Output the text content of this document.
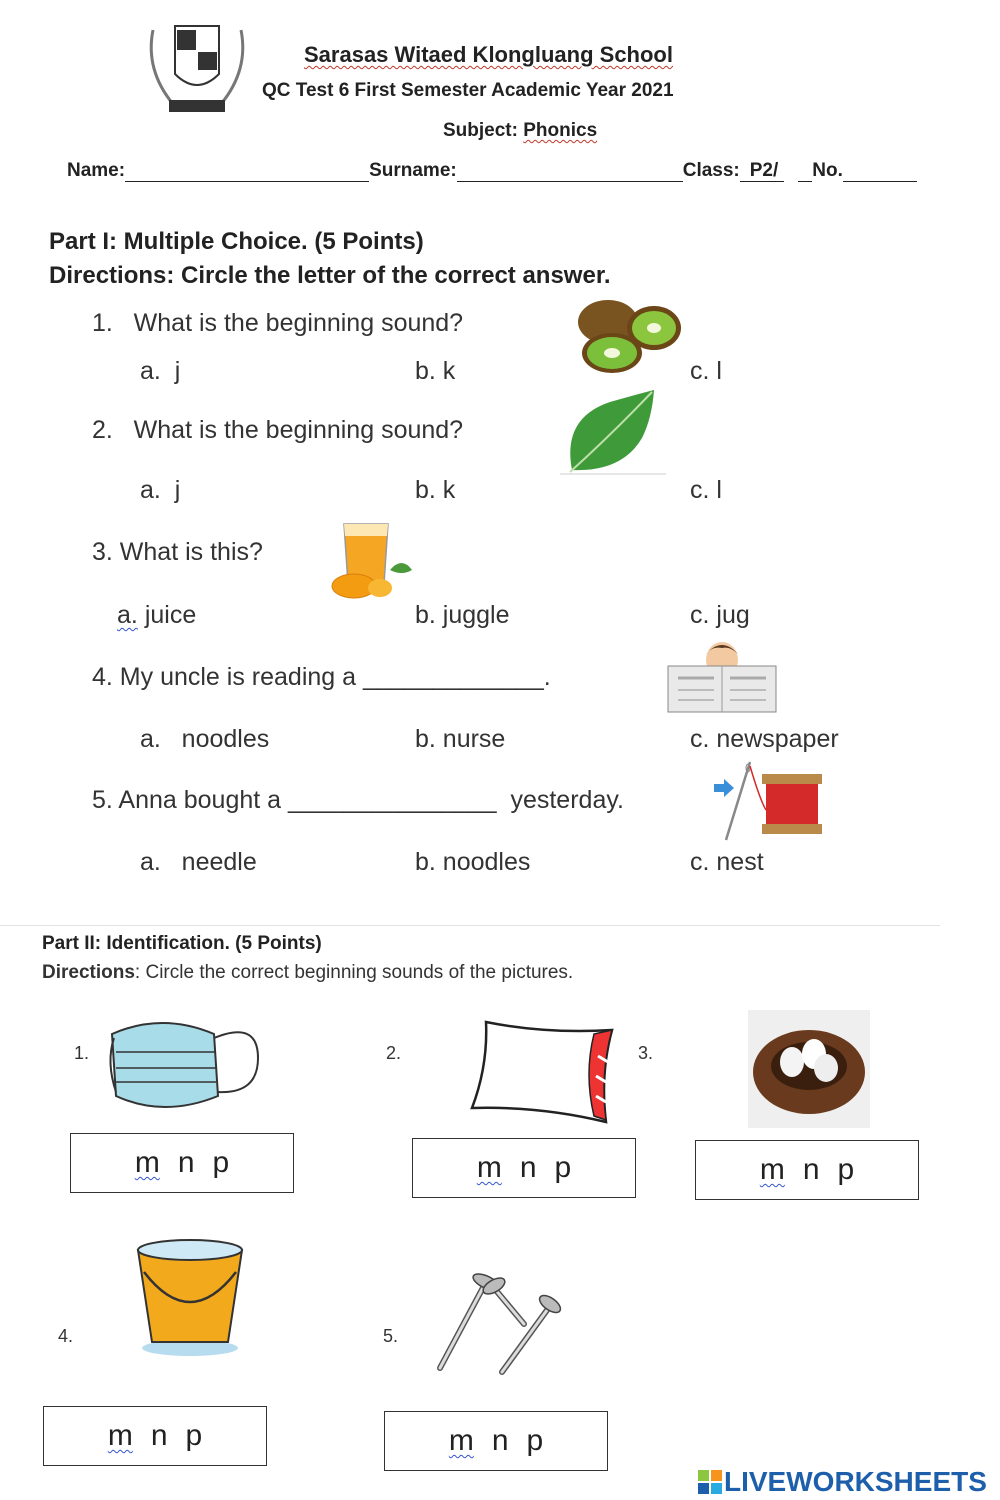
Sarasas Witaed Klongluang School
QC Test 6 First Semester Academic Year 2021
Subject: Phonics
Name:	Surname:	Class: P2/ No.
Part I: Multiple Choice. (5 Points)
Directions: Circle the letter of the correct answer.
1.   What is the beginning sound?
a.  j	b. k	c. l
2.   What is the beginning sound?
a.  j	b. k	c. l
3. What is this?
a. juice	b. juggle	c. jug
4. My uncle is reading a _____________.
a.   noodles	b. nurse	c. newspaper
5. Anna bought a _______________  yesterday.
a.   needle	b. noodles	c. nest
Part II: Identification. (5 Points)
Directions: Circle the correct beginning sounds of the pictures.
1.
m n p
2.
m n p
3.
m n p
4.
m n p
5.
m n p
LIVEWORKSHEETS
